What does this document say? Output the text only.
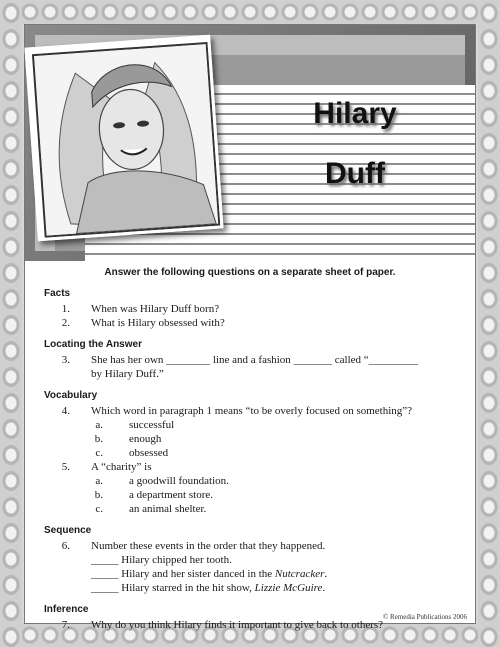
Hilary
Duff
Answer the following questions on a separate sheet of paper.
Facts
1.	When was Hilary Duff born?
2.	What is Hilary obsessed with?
Locating the Answer
3.	She has her own ________ line and a fashion _______ called “_________
by Hilary Duff.”
Vocabulary
4.	Which word in paragraph 1 means “to be overly focused on something”?
a.	successful
b.	enough
c.	obsessed
5.	A “charity” is
a.	a goodwill foundation.
b.	a department store.
c.	an animal shelter.
Sequence
6.	Number these events in the order that they happened.
_____ Hilary chipped her tooth.
_____ Hilary and her sister danced in the Nutcracker.
_____ Hilary starred in the hit show, Lizzie McGuire.
Inference
7.	Why do you think Hilary finds it important to give back to others?
© Remedia Publications 2006
